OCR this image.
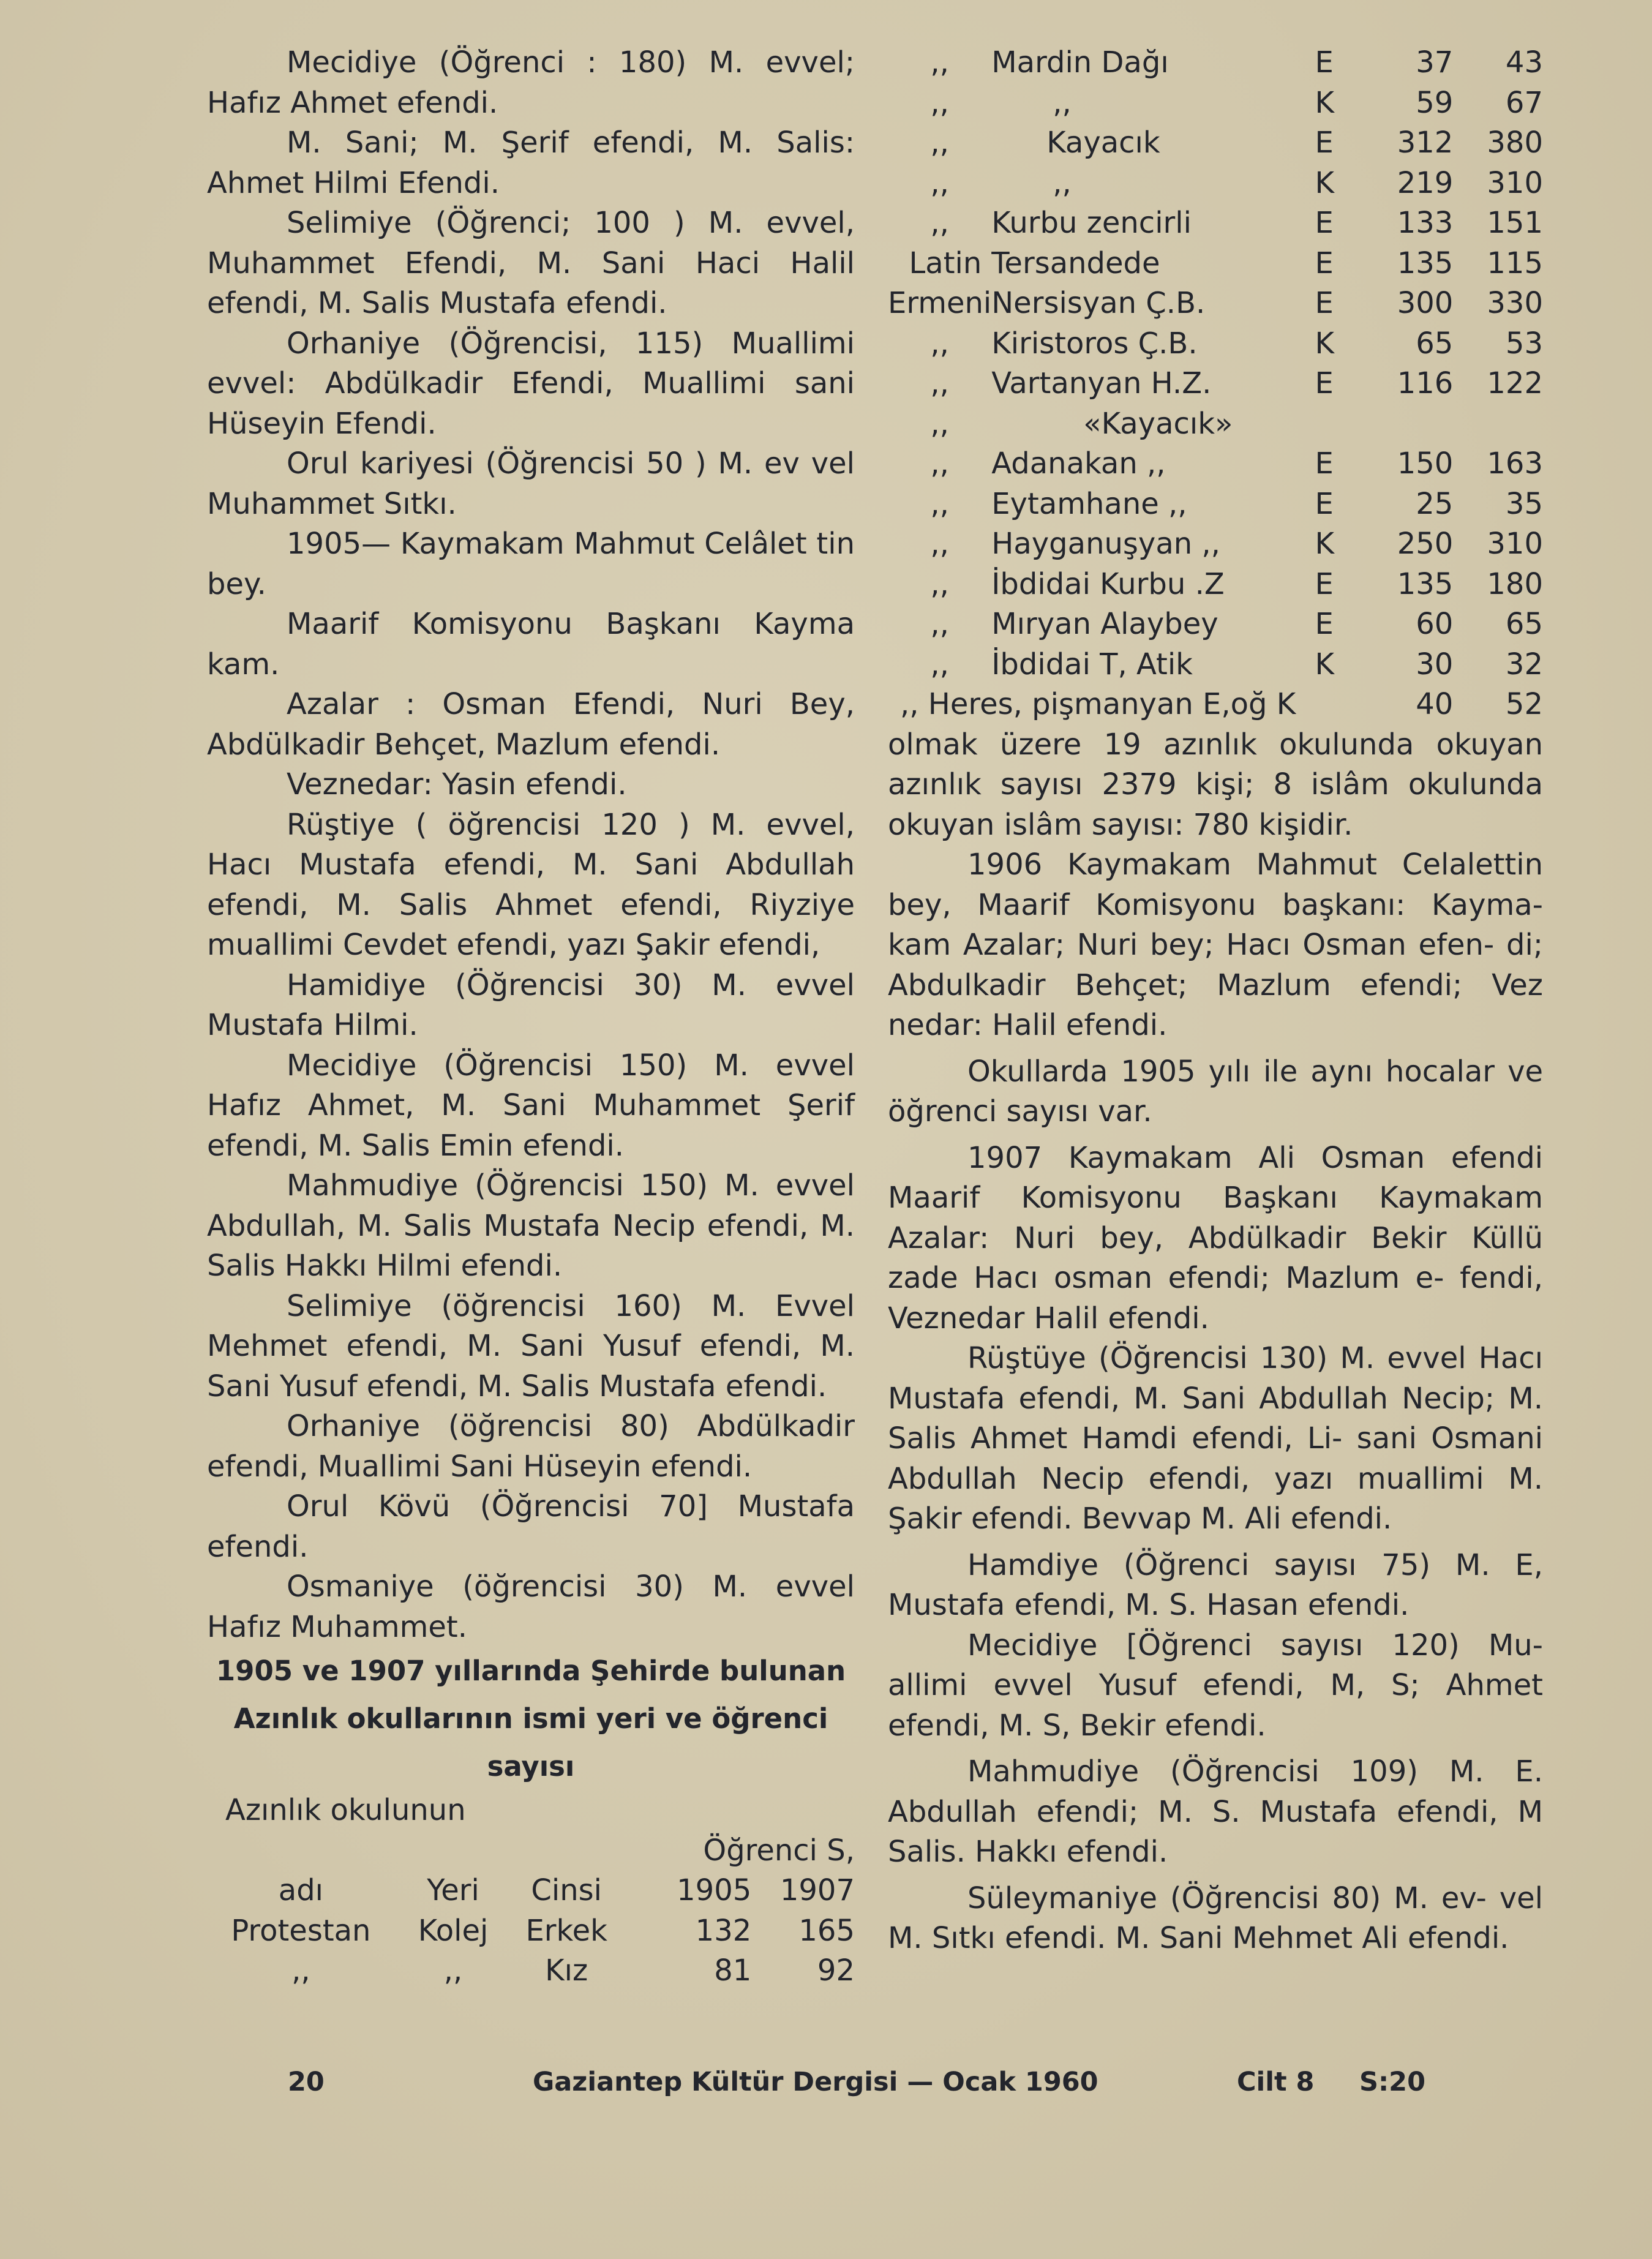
Mecidiye (Öğrenci : 180) M. evvel; Hafız Ahmet efendi.

M. Sani; M. Şerif efendi, M. Salis: Ahmet Hilmi Efendi.

Selimiye (Öğrenci; 100 ) M. evvel, Muhammet Efendi, M. Sani Haci Halil efendi, M. Salis Mustafa efendi.

Orhaniye (Öğrencisi, 115) Muallimi evvel: Abdülkadir Efendi, Muallimi sani Hüseyin Efendi.

Orul kariyesi (Öğrencisi 50 ) M. ev vel Muhammet Sıtkı.

1905— Kaymakam Mahmut Celâlet tin bey.

Maarif Komisyonu Başkanı Kayma kam.

Azalar : Osman Efendi, Nuri Bey, Abdülkadir Behçet, Mazlum efendi.

Veznedar: Yasin efendi.

Rüştiye ( öğrencisi 120 ) M. evvel, Hacı Mustafa efendi, M. Sani Abdullah efendi, M. Salis Ahmet efendi, Riyziye muallimi Cevdet efendi, yazı Şakir efendi,

Hamidiye (Öğrencisi 30) M. evvel Mustafa Hilmi.

Mecidiye (Öğrencisi 150) M. evvel Hafız Ahmet, M. Sani Muhammet Şerif efendi, M. Salis Emin efendi.

Mahmudiye (Öğrencisi 150) M. evvel Abdullah, M. Salis Mustafa Necip efendi, M. Salis Hakkı Hilmi efendi.

Selimiye (öğrencisi 160) M. Evvel Mehmet efendi, M. Sani Yusuf efendi, M. Sani Yusuf efendi, M. Salis Mustafa efendi.

Orhaniye (öğrencisi 80) Abdülkadir efendi, Muallimi Sani Hüseyin efendi.

Orul Kövü (Öğrencisi 70] Mustafa efendi.

Osmaniye (öğrencisi 30) M. evvel Hafız Muhammet.

1905 ve 1907 yıllarında Şehirde bulunan Azınlık okullarının ismi yeri ve öğrenci sayısı

Azınlık okulunun

Öğrenci S,

adı	Yeri	Cinsi	1905	1907
Protestan	Kolej	Erkek	132	165
,,	,,	Kız	81	92
,,	Mardin Dağı	E	37	43
,,	,,	K	59	67
,,	Kayacık	E	312	380
,,	,,	K	219	310
,,	Kurbu zencirli	E	133	151
Latin	Tersandede	E	135	115
Ermeni	Nersisyan Ç.B.	E	300	330
,,	Kiristoros Ç.B.	K	65	53
,,	Vartanyan H.Z.	E	116	122
,,	«Kayacık»			
,,	Adanakan ,,	E	150	163
,,	Eytamhane ,,	E	25	35
,,	Hayganuşyan ,,	K	250	310
,,	İbdidai Kurbu .Z	E	135	180
,,	Mıryan Alaybey	E	60	65
,,	İbdidai T, Atik	K	30	32
,, Heres, pişmanyan E,oğ K			40	52

olmak üzere 19 azınlık okulunda okuyan azınlık sayısı 2379 kişi; 8 islâm okulunda okuyan islâm sayısı: 780 kişidir.

1906 Kaymakam Mahmut Celalettin bey, Maarif Komisyonu başkanı: Kayma- kam Azalar; Nuri bey; Hacı Osman efen- di; Abdulkadir Behçet; Mazlum efendi; Vez nedar: Halil efendi.

Okullarda 1905 yılı ile aynı hocalar ve öğrenci sayısı var.

1907 Kaymakam Ali Osman efendi Maarif Komisyonu Başkanı Kaymakam Azalar: Nuri bey, Abdülkadir Bekir Küllü zade Hacı osman efendi; Mazlum e- fendi, Veznedar Halil efendi.

Rüştüye (Öğrencisi 130) M. evvel Hacı Mustafa efendi, M. Sani Abdullah Necip; M. Salis Ahmet Hamdi efendi, Li- sani Osmani Abdullah Necip efendi, yazı muallimi M. Şakir efendi. Bevvap M. Ali efendi.

Hamdiye (Öğrenci sayısı 75) M. E, Mustafa efendi, M. S. Hasan efendi.

Mecidiye [Öğrenci sayısı 120) Mu- allimi evvel Yusuf efendi, M, S; Ahmet efendi, M. S, Bekir efendi.

Mahmudiye (Öğrencisi 109) M. E. Abdullah efendi; M. S. Mustafa efendi, M Salis. Hakkı efendi.

Süleymaniye (Öğrencisi 80) M. ev- vel M. Sıtkı efendi. M. Sani Mehmet Ali efendi.

20	Gaziantep Kültür Dergisi — Ocak 1960	Cilt 8 S:20
